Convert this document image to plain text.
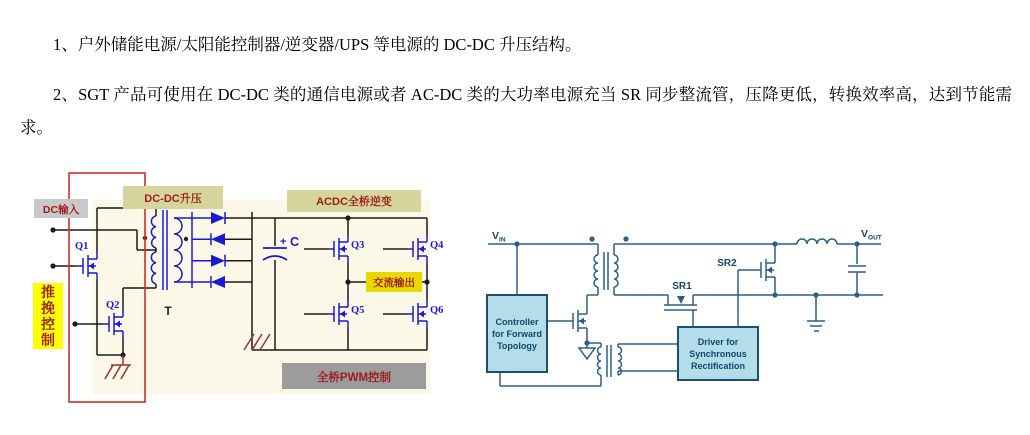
1、户外储能电源/太阳能控制器/逆变器/UPS 等电源的 DC-DC 升压结构。

2、SGT 产品可使用在 DC-DC 类的通信电源或者 AC-DC 类的大功率电源充当 SR 同步整流管，压降更低，转换效率高，达到节能需求。

DC输入
DC-DC升压	ACDC全桥逆变
交流输出
全桥PWM控制
Q1
Q2
Q3	Q4
Q5	Q6
T
+ C
推
挽
控
制
Controller
for Forward
Topology	Driver for
Synchronous
Rectification
$V_{IN}$	$V_{OUT}$
SR1
SR2
